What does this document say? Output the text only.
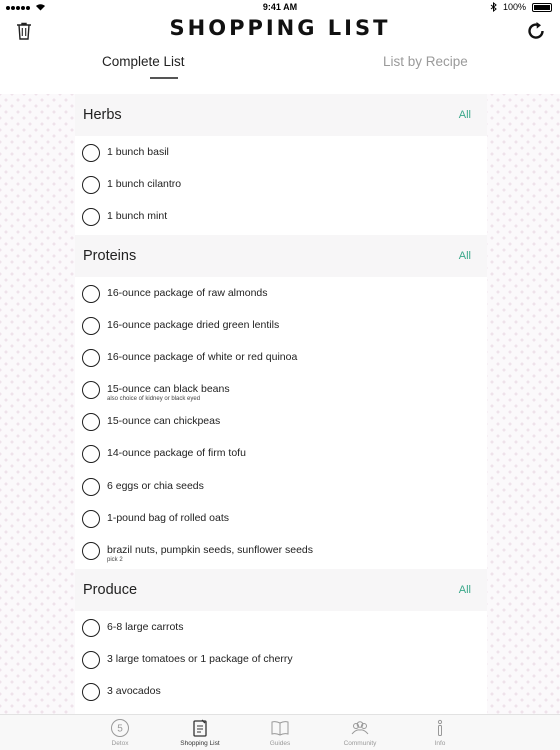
9:41 AM	100%
SHOPPING LIST
Complete List	List by Recipe
Herbs	All
1 bunch basil
1 bunch cilantro
1 bunch mint
Proteins	All
16-ounce package of raw almonds
16-ounce package dried green lentils
16-ounce package of white or red quinoa
15-ounce can black beans
also choice of kidney or black eyed
15-ounce can chickpeas
14-ounce package of firm tofu
6 eggs or chia seeds
1-pound bag of rolled oats
brazil nuts, pumpkin seeds, sunflower seeds
pick 2
Produce	All
6-8 large carrots
3 large tomatoes or 1 package of cherry
3 avocados
5
Detox	Shopping List	Guides	Community	Info
